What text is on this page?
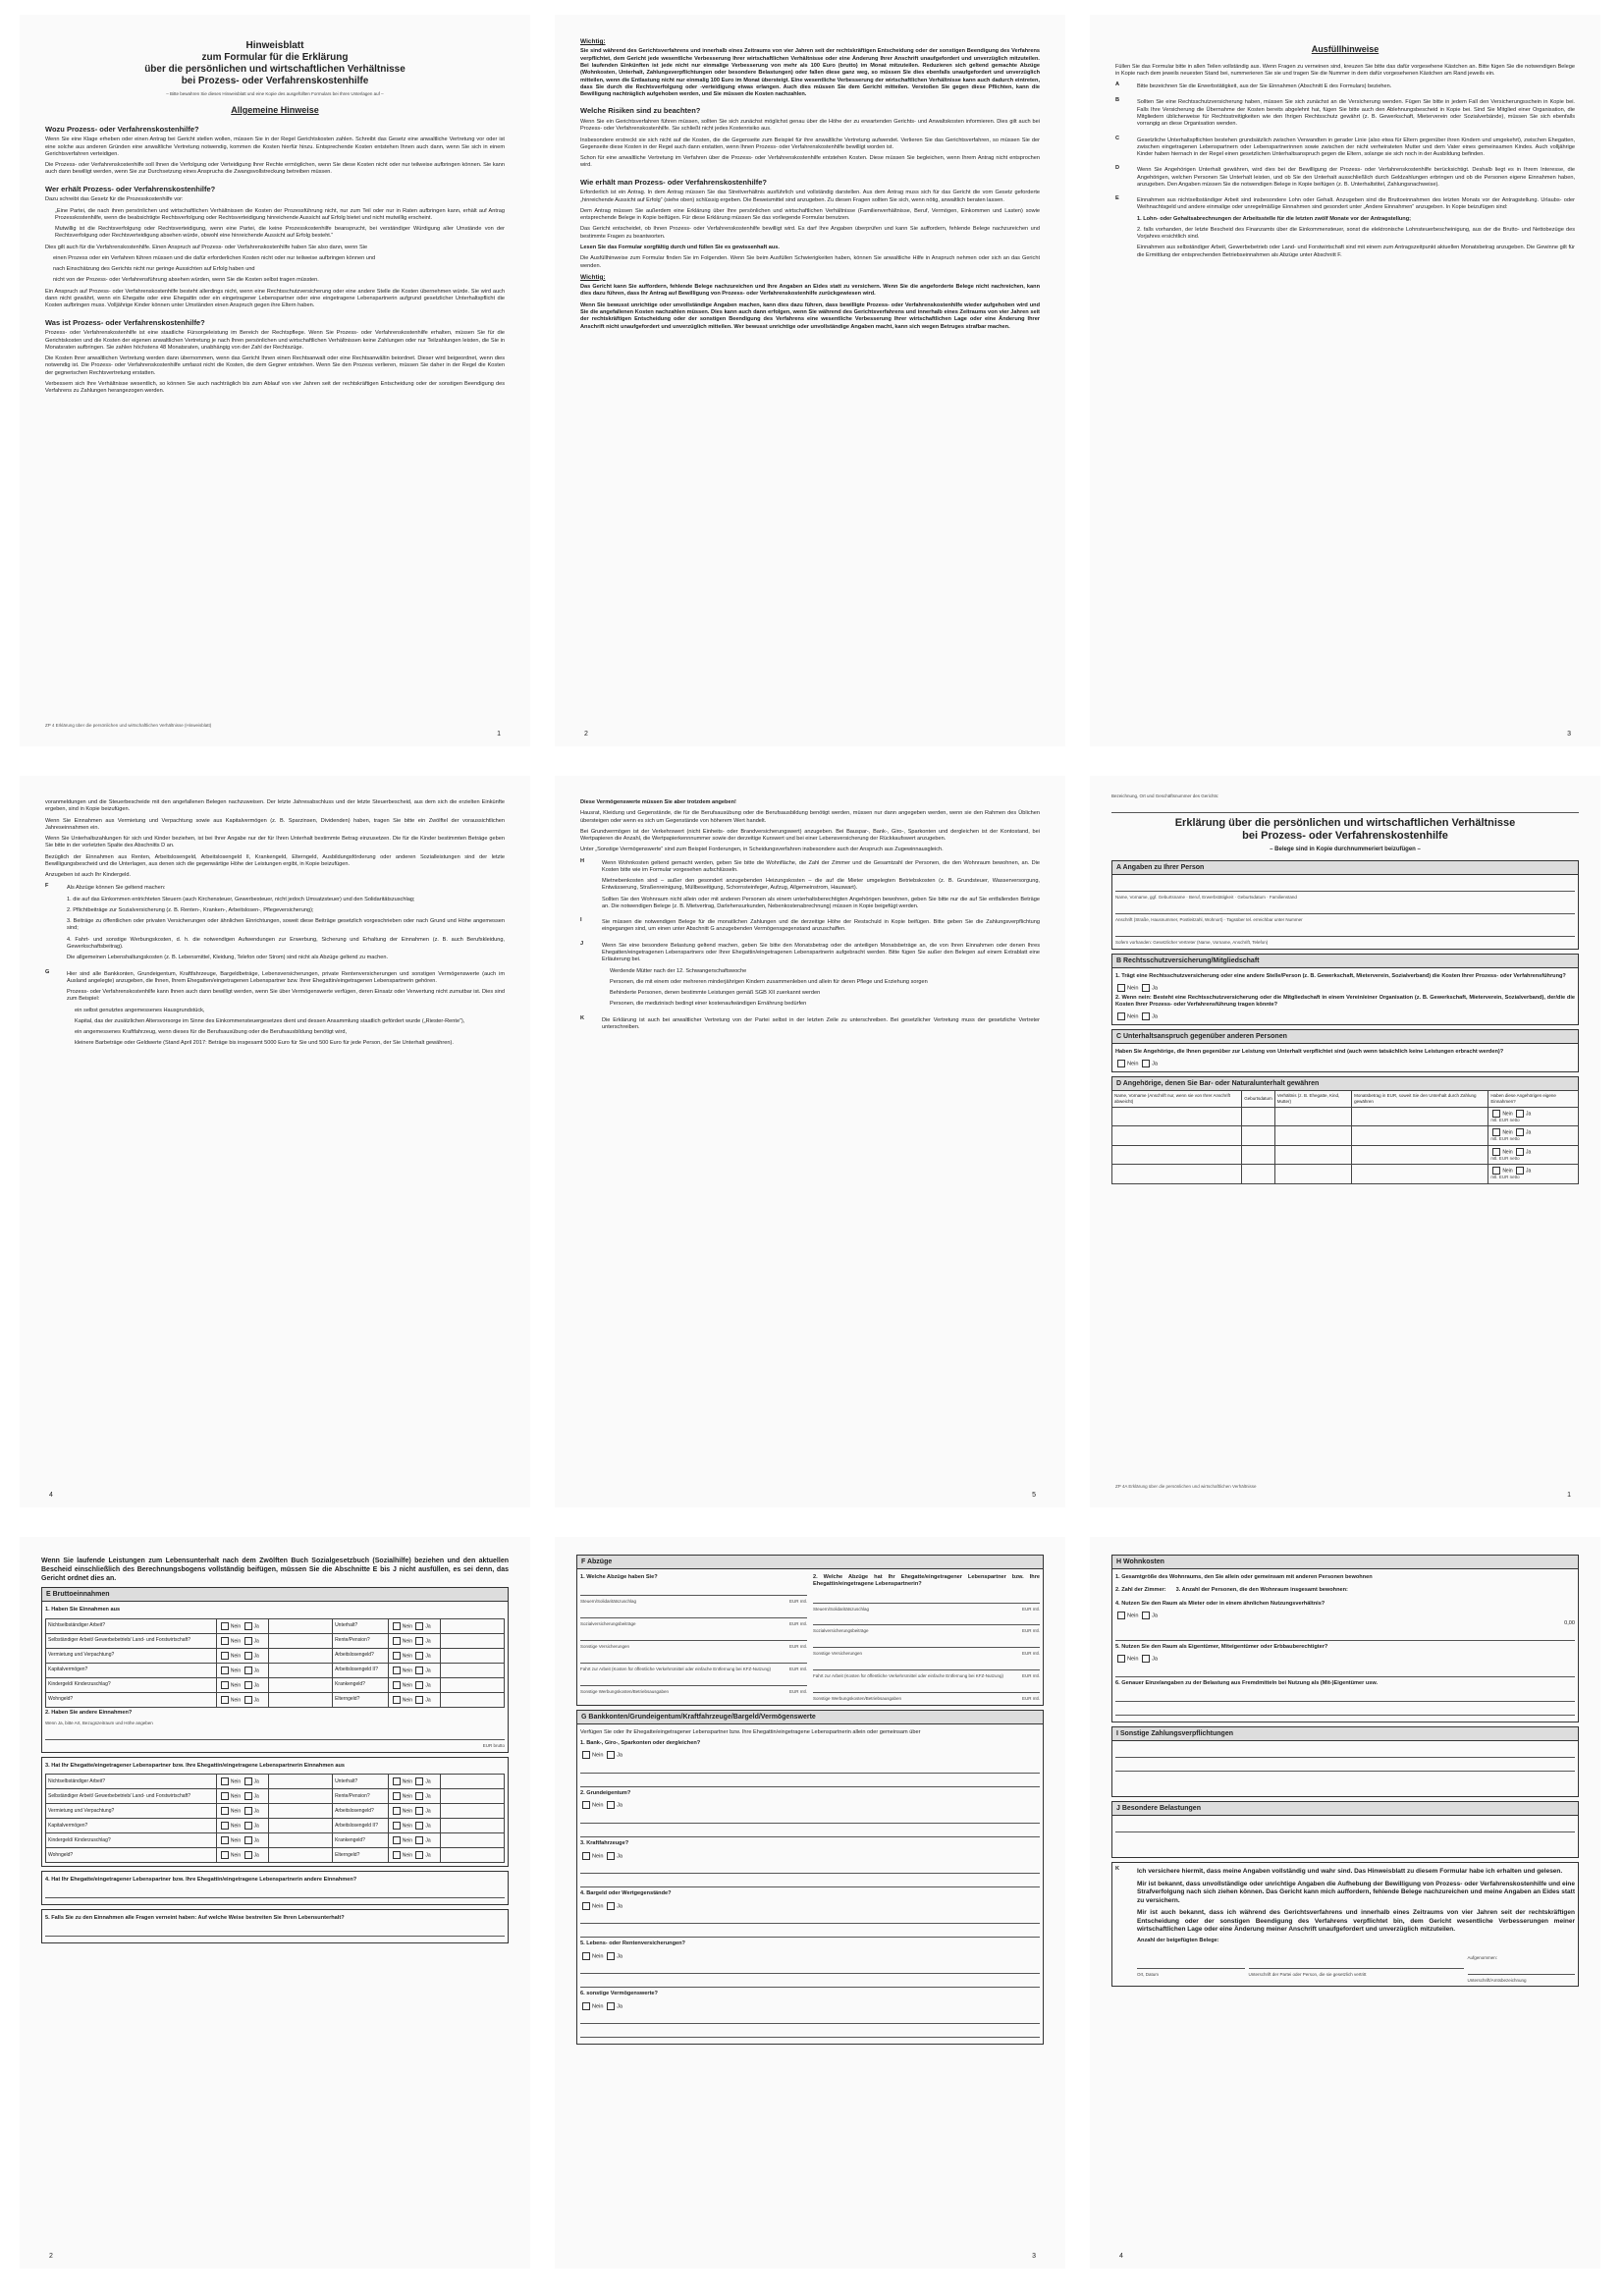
Hinweisblatt
zum Formular für die Erklärung
über die persönlichen und wirtschaftlichen Verhältnisse
bei Prozess- oder Verfahrenskostenhilfe

– Bitte bewahren Sie dieses Hinweisblatt und eine Kopie des ausgefüllten Formulars bei Ihren Unterlagen auf –

Allgemeine Hinweise
Wozu Prozess- oder Verfahrenskostenhilfe?

Wenn Sie eine Klage erheben oder einen Antrag bei Gericht stellen wollen, müssen Sie in der Regel Gerichtskosten zahlen. Schreibt das Gesetz eine anwaltliche Vertretung vor oder ist eine solche aus anderen Gründen eine anwaltliche Vertretung notwendig, kommen die Kosten hierfür hinzu. Entsprechende Kosten entstehen Ihnen auch dann, wenn Sie sich in einem Gerichtsverfahren verteidigen.

Die Prozess- oder Verfahrenskostenhilfe soll Ihnen die Verfolgung oder Verteidigung Ihrer Rechte ermöglichen, wenn Sie diese Kosten nicht oder nur teilweise aufbringen können. Sie kann auch dann bewilligt werden, wenn Sie zur Durchsetzung eines Anspruchs die Zwangsvollstreckung betreiben müssen.

Wer erhält Prozess- oder Verfahrenskostenhilfe?

Dazu schreibt das Gesetz für die Prozesskostenhilfe vor:

„Eine Partei, die nach ihren persönlichen und wirtschaftlichen Verhältnissen die Kosten der Prozessführung nicht, nur zum Teil oder nur in Raten aufbringen kann, erhält auf Antrag Prozesskostenhilfe, wenn die beabsichtigte Rechtsverfolgung oder Rechtsverteidigung hinreichende Aussicht auf Erfolg bietet und nicht mutwillig erscheint.

Mutwillig ist die Rechtsverfolgung oder Rechtsverteidigung, wenn eine Partei, die keine Prozesskostenhilfe beansprucht, bei verständiger Würdigung aller Umstände von der Rechtsverfolgung oder Rechtsverteidigung absehen würde, obwohl eine hinreichende Aussicht auf Erfolg besteht.“

Dies gilt auch für die Verfahrenskostenhilfe. Einen Anspruch auf Prozess- oder Verfahrenskostenhilfe haben Sie also dann, wenn Sie

einen Prozess oder ein Verfahren führen müssen und die dafür erforderlichen Kosten nicht oder nur teilweise aufbringen können und

nach Einschätzung des Gerichts nicht nur geringe Aussichten auf Erfolg haben und

nicht von der Prozess- oder Verfahrensführung absehen würden, wenn Sie die Kosten selbst tragen müssten.

Ein Anspruch auf Prozess- oder Verfahrenskostenhilfe besteht allerdings nicht, wenn eine Rechtsschutzversicherung oder eine andere Stelle die Kosten übernehmen würde. Sie wird auch dann nicht gewährt, wenn ein Ehegatte oder eine Ehegattin oder ein eingetragener Lebenspartner oder eine eingetragene Lebenspartnerin aufgrund gesetzlicher Unterhaltspflicht die Kosten aufbringen muss. Volljährige Kinder können unter Umständen einen Anspruch gegen ihre Eltern haben.

Was ist Prozess- oder Verfahrenskostenhilfe?

Prozess- oder Verfahrenskostenhilfe ist eine staatliche Fürsorgeleistung im Bereich der Rechtspflege. Wenn Sie Prozess- oder Verfahrenskostenhilfe erhalten, müssen Sie für die Gerichtskosten und die Kosten der eigenen anwaltlichen Vertretung je nach Ihren persönlichen und wirtschaftlichen Verhältnissen keine Zahlungen oder nur Teilzahlungen leisten, die Sie in Monatsraten aufbringen. Sie zahlen höchstens 48 Monatsraten, unabhängig von der Zahl der Rechtszüge.

Die Kosten Ihrer anwaltlichen Vertretung werden dann übernommen, wenn das Gericht Ihnen einen Rechtsanwalt oder eine Rechtsanwältin beiordnet. Dieser wird beigeordnet, wenn dies notwendig ist. Die Prozess- oder Verfahrenskostenhilfe umfasst nicht die Kosten, die dem Gegner entstehen. Wenn Sie den Prozess verlieren, müssen Sie daher in der Regel die Kosten der gegnerischen Rechtsvertretung erstatten.

Verbessern sich Ihre Verhältnisse wesentlich, so können Sie auch nachträglich bis zum Ablauf von vier Jahren seit der rechtskräftigen Entscheidung oder der sonstigen Beendigung des Verfahrens zu Zahlungen herangezogen werden.

ZP 4 Erklärung über die persönlichen und wirtschaftlichen Verhältnisse (Hinweisblatt)
1
Wichtig:

Sie sind während des Gerichtsverfahrens und innerhalb eines Zeitraums von vier Jahren seit der rechtskräftigen Entscheidung oder der sonstigen Beendigung des Verfahrens verpflichtet, dem Gericht jede wesentliche Verbesserung Ihrer wirtschaftlichen Verhältnisse oder eine Änderung Ihrer Anschrift unaufgefordert und unverzüglich mitzuteilen. Bei laufenden Einkünften ist jede nicht nur einmalige Verbesserung von mehr als 100 Euro (brutto) im Monat mitzuteilen. Reduzieren sich geltend gemachte Abzüge (Wohnkosten, Unterhalt, Zahlungsverpflichtungen oder besondere Belastungen) oder fallen diese ganz weg, so müssen Sie dies ebenfalls unaufgefordert und unverzüglich mitteilen, wenn die Entlastung nicht nur einmalig 100 Euro im Monat übersteigt. Eine wesentliche Verbesserung der wirtschaftlichen Verhältnisse kann auch dadurch eintreten, dass Sie durch die Rechtsverfolgung oder -verteidigung etwas erlangen. Auch dies müssen Sie dem Gericht mitteilen. Verstoßen Sie gegen diese Pflichten, kann die Bewilligung nachträglich aufgehoben werden, und Sie müssen die Kosten nachzahlen.

Welche Risiken sind zu beachten?

Wenn Sie ein Gerichtsverfahren führen müssen, sollten Sie sich zunächst möglichst genau über die Höhe der zu erwartenden Gerichts- und Anwaltskosten informieren. Dies gilt auch bei Prozess- oder Verfahrenskostenhilfe. Sie schließt nicht jedes Kostenrisiko aus.

Insbesondere erstreckt sie sich nicht auf die Kosten, die die Gegenseite zum Beispiel für ihre anwaltliche Vertretung aufwendet. Verlieren Sie das Gerichtsverfahren, so müssen Sie der Gegenseite diese Kosten in der Regel auch dann erstatten, wenn Ihnen Prozess- oder Verfahrenskostenhilfe bewilligt worden ist.

Schon für eine anwaltliche Vertretung im Verfahren über die Prozess- oder Verfahrenskostenhilfe entstehen Kosten. Diese müssen Sie begleichen, wenn Ihrem Antrag nicht entsprochen wird.

Wie erhält man Prozess- oder Verfahrenskostenhilfe?

Erforderlich ist ein Antrag. In dem Antrag müssen Sie das Streitverhältnis ausführlich und vollständig darstellen. Aus dem Antrag muss sich für das Gericht die vom Gesetz geforderte „hinreichende Aussicht auf Erfolg“ (siehe oben) schlüssig ergeben. Die Beweismittel sind anzugeben. Zu diesen Fragen sollten Sie sich, wenn nötig, anwaltlich beraten lassen.

Dem Antrag müssen Sie außerdem eine Erklärung über Ihre persönlichen und wirtschaftlichen Verhältnisse (Familienverhältnisse, Beruf, Vermögen, Einkommen und Lasten) sowie entsprechende Belege in Kopie beifügen. Für diese Erklärung müssen Sie das vorliegende Formular benutzen.

Das Gericht entscheidet, ob Ihnen Prozess- oder Verfahrenskostenhilfe bewilligt wird. Es darf Ihre Angaben überprüfen und kann Sie auffordern, fehlende Belege nachzureichen und bestimmte Fragen zu beantworten.

Lesen Sie das Formular sorgfältig durch und füllen Sie es gewissenhaft aus.

Die Ausfüllhinweise zum Formular finden Sie im Folgenden. Wenn Sie beim Ausfüllen Schwierigkeiten haben, können Sie anwaltliche Hilfe in Anspruch nehmen oder sich an das Gericht wenden.

Wichtig:

Das Gericht kann Sie auffordern, fehlende Belege nachzureichen und Ihre Angaben an Eides statt zu versichern. Wenn Sie die angeforderte Belege nicht nachreichen, kann dies dazu führen, dass Ihr Antrag auf Bewilligung von Prozess- oder Verfahrenskostenhilfe zurückgewiesen wird.

Wenn Sie bewusst unrichtige oder unvollständige Angaben machen, kann dies dazu führen, dass bewilligte Prozess- oder Verfahrenskostenhilfe wieder aufgehoben wird und Sie die angefallenen Kosten nachzahlen müssen. Dies kann auch dann erfolgen, wenn Sie während des Gerichtsverfahrens und innerhalb eines Zeitraums von vier Jahren seit der rechtskräftigen Entscheidung oder der sonstigen Beendigung des Verfahrens eine wesentliche Verbesserung Ihrer wirtschaftlichen Lage oder eine Änderung Ihrer Anschrift nicht unaufgefordert und unverzüglich mitteilen. Wer bewusst unrichtige oder unvollständige Angaben macht, kann sich wegen Betruges strafbar machen.

2
Ausfüllhinweise

Füllen Sie das Formular bitte in allen Teilen vollständig aus. Wenn Fragen zu verneinen sind, kreuzen Sie bitte das dafür vorgesehene Kästchen an. Bitte fügen Sie die notwendigen Belege in Kopie nach dem jeweils neuesten Stand bei, nummerieren Sie sie und tragen Sie die Nummer in dem dafür vorgesehenen Kästchen am Rand jeweils ein.

A	Bitte bezeichnen Sie die Erwerbstätigkeit, aus der Sie Einnahmen (Abschnitt E des Formulars) beziehen.

B	Sollten Sie eine Rechtsschutzversicherung haben, müssen Sie sich zunächst an die Versicherung wenden. Fügen Sie bitte in jedem Fall den Versicherungsschein in Kopie bei. Falls Ihre Versicherung die Übernahme der Kosten bereits abgelehnt hat, fügen Sie bitte auch den Ablehnungsbescheid in Kopie bei. Sind Sie Mitglied einer Organisation, die Mitgliedern üblicherweise für Rechtsstreitigkeiten wie den Ihrigen Rechtsschutz gewährt (z. B. Gewerkschaft, Mieterverein oder Sozialverbände), müssen Sie sich ebenfalls vorrangig an diese Organisation wenden.

C	Gesetzliche Unterhaltspflichten bestehen grundsätzlich zwischen Verwandten in gerader Linie (also etwa für Eltern gegenüber ihren Kindern und umgekehrt), zwischen Ehegatten, zwischen eingetragenen Lebenspartnern oder Lebenspartnerinnen sowie zwischen der nicht verheirateten Mutter und dem Vater eines gemeinsamen Kindes. Auch volljährige Kinder haben hiernach in der Regel einen gesetzlichen Unterhaltsanspruch gegen die Eltern, solange sie sich noch in der Ausbildung befinden.

D	Wenn Sie Angehörigen Unterhalt gewähren, wird dies bei der Bewilligung der Prozess- oder Verfahrenskostenhilfe berücksichtigt. Deshalb liegt es in Ihrem Interesse, die Angehörigen, welchen Personen Sie Unterhalt leisten, und ob Sie den Unterhalt ausschließlich durch Geldzahlungen erbringen und ob die Personen eigene Einnahmen haben, anzugeben. Den Angaben müssen Sie die notwendigen Belege in Kopie beifügen (z. B. Unterhaltstitel, Zahlungsnachweise).

E	Einnahmen aus nichtselbständiger Arbeit sind insbesondere Lohn oder Gehalt. Anzugeben sind die Bruttoeinnahmen des letzten Monats vor der Antragstellung. Urlaubs- oder Weihnachtsgeld und andere einmalige oder unregelmäßige Einnahmen sind gesondert unter „Andere Einnahmen“ anzugeben. In Kopie beizufügen sind:

1. Lohn- oder Gehaltsabrechnungen der Arbeitsstelle für die letzten zwölf Monate vor der Antragstellung;

2. falls vorhanden, der letzte Bescheid des Finanzamts über die Einkommensteuer, sonst die elektronische Lohnsteuerbescheinigung, aus der die Brutto- und Nettobezüge des Vorjahres ersichtlich sind.

Einnahmen aus selbständiger Arbeit, Gewerbebetrieb oder Land- und Forstwirtschaft sind mit einem zum Antragszeitpunkt aktuellen Monatsbetrag anzugeben. Die Gewinne gilt für die Ermittlung der entsprechenden Betriebseinnahmen als Abzüge unter Abschnitt F.

3

voranmeldungen und die Steuerbescheide mit den angefallenen Belegen nachzuweisen. Der letzte Jahresabschluss und der letzte Steuerbescheid, aus dem sich die erzielten Einkünfte ergeben, sind in Kopie beizufügen.

Wenn Sie Einnahmen aus Vermietung und Verpachtung sowie aus Kapitalvermögen (z. B. Sparzinsen, Dividenden) haben, tragen Sie bitte ein Zwölftel der voraussichtlichen Jahreseinnahmen ein.

Wenn Sie Unterhaltszahlungen für sich und Kinder beziehen, ist bei Ihrer Angabe nur der für Ihren Unterhalt bestimmte Betrag einzusetzen. Die für die Kinder bestimmten Beträge geben Sie bitte in der vorletzten Spalte des Abschnitts D an.

Bezüglich der Einnahmen aus Renten, Arbeitslosengeld, Arbeitslosengeld II, Krankengeld, Elterngeld, Ausbildungsförderung oder anderen Sozialleistungen sind der letzte Bewilligungsbescheid und die Unterlagen, aus denen sich die gegenwärtige Höhe der Leistungen ergibt, in Kopie beizufügen.

Anzugeben ist auch Ihr Kindergeld.

F	Als Abzüge können Sie geltend machen:

1. die auf das Einkommen entrichteten Steuern (auch Kirchensteuer, Gewerbesteuer, nicht jedoch Umsatzsteuer) und den Solidaritätszuschlag;

2. Pflichtbeiträge zur Sozialversicherung (z. B. Renten-, Kranken-, Arbeitslosen-, Pflegeversicherung);

3. Beiträge zu öffentlichen oder privaten Versicherungen oder ähnlichen Einrichtungen, soweit diese Beiträge gesetzlich vorgeschrieben oder nach Grund und Höhe angemessen sind;

4. Fahrt- und sonstige Werbungskosten, d. h. die notwendigen Aufwendungen zur Erwerbung, Sicherung und Erhaltung der Einnahmen (z. B. auch Berufskleidung, Gewerkschaftsbeitrag).

Die allgemeinen Lebenshaltungskosten (z. B. Lebensmittel, Kleidung, Telefon oder Strom) sind nicht als Abzüge geltend zu machen.

G	Hier sind alle Bankkonten, Grundeigentum, Kraftfahrzeuge, Bargeldbeträge, Lebensversicherungen, private Rentenversicherungen und sonstigen Vermögenswerte (auch im Ausland angelegte) anzugeben, die Ihnen, Ihrem Ehegatten/eingetragenen Lebenspartner bzw. Ihrer Ehegattin/eingetragenen Lebenspartnerin gehören.

Prozess- oder Verfahrenskostenhilfe kann Ihnen auch dann bewilligt werden, wenn Sie über Vermögenswerte verfügen, deren Einsatz oder Verwertung nicht zumutbar ist. Dies sind zum Beispiel:

ein selbst genutztes angemessenes Hausgrundstück,

Kapital, das der zusätzlichen Altersvorsorge im Sinne des Einkommensteuergesetzes dient und dessen Ansammlung staatlich gefördert wurde („Riester-Rente“),

ein angemessenes Kraftfahrzeug, wenn dieses für die Berufsausübung oder die Berufsausbildung benötigt wird,

kleinere Barbeträge oder Geldwerte (Stand April 2017: Beträge bis insgesamt 5000 Euro für Sie und 500 Euro für jede Person, der Sie Unterhalt gewähren).

4

Diese Vermögenswerte müssen Sie aber trotzdem angeben!

Hausrat, Kleidung und Gegenstände, die für die Berufsausübung oder die Berufsausbildung benötigt werden, müssen nur dann angegeben werden, wenn sie den Rahmen des Üblichen übersteigen oder wenn es sich um Gegenstände von höherem Wert handelt.

Bei Grundvermögen ist der Verkehrswert (nicht Einheits- oder Brandversicherungswert) anzugeben. Bei Bauspar-, Bank-, Giro-, Sparkonten und dergleichen ist der Kontostand, bei Wertpapieren die Anzahl, die Wertpapierkennnummer sowie der derzeitige Kurswert und bei einer Lebensversicherung der Rückkaufswert anzugeben.

Unter „Sonstige Vermögenswerte“ sind zum Beispiel Forderungen, in Scheidungsverfahren insbesondere auch der Anspruch aus Zugewinnausgleich.

H	Wenn Wohnkosten geltend gemacht werden, geben Sie bitte die Wohnfläche, die Zahl der Zimmer und die Gesamtzahl der Personen, die den Wohnraum bewohnen, an. Die Kosten bitte wie im Formular vorgesehen aufschlüsseln.

Mietnebenkosten sind – außer den gesondert anzugebenden Heizungskosten – die auf die Mieter umgelegten Betriebskosten (z. B. Grundsteuer, Wasserversorgung, Entwässerung, Straßenreinigung, Müllbeseitigung, Schornsteinfeger, Aufzug, Allgemeinstrom, Hauswart).

Sollten Sie den Wohnraum nicht allein oder mit anderen Personen als einem unterhaltsberechtigten Angehörigen bewohnen, geben Sie bitte nur die auf Sie entfallenden Beträge an. Die notwendigen Belege (z. B. Mietvertrag, Darlehensurkunden, Nebenkostenabrechnung) müssen in Kopie beigefügt werden.

I	Sie müssen die notwendigen Belege für die monatlichen Zahlungen und die derzeitige Höhe der Restschuld in Kopie beifügen. Bitte geben Sie die Zahlungsverpflichtung eingegangen sind, um einen unter Abschnitt G anzugebenden Vermögensgegenstand anzuschaffen.

J	Wenn Sie eine besondere Belastung geltend machen, geben Sie bitte den Monatsbetrag oder die anteiligen Monatsbeträge an, die von Ihren Einnahmen oder denen Ihres Ehegatten/eingetragenen Lebenspartners oder Ihrer Ehegattin/eingetragenen Lebenspartnerin aufgebracht werden. Bitte fügen Sie außer den Belegen auf einem Extrablatt eine Erläuterung bei.

Werdende Mütter nach der 12. Schwangerschaftswoche

Personen, die mit einem oder mehreren minderjährigen Kindern zusammenleben und allein für deren Pflege und Erziehung sorgen

Behinderte Personen, denen bestimmte Leistungen gemäß SGB XII zuerkannt werden

Personen, die medizinisch bedingt einer kostenaufwändigen Ernährung bedürfen

K	Die Erklärung ist auch bei anwaltlicher Vertretung von der Partei selbst in der letzten Zeile zu unterschreiben. Bei gesetzlicher Vertretung muss der gesetzliche Vertreter unterschreiben.

5
Bezeichnung, Ort und Geschäftsnummer des Gerichts:
Erklärung über die persönlichen und wirtschaftlichen Verhältnisse
bei Prozess- oder Verfahrenskostenhilfe
– Belege sind in Kopie durchnummeriert beizufügen –
A Angaben zu Ihrer Person
Name, Vorname, ggf. Geburtsname · Beruf, Erwerbstätigkeit · Geburtsdatum · Familienstand
Anschrift (Straße, Hausnummer, Postleitzahl, Wohnort) · Tagsüber tel. erreichbar unter Nummer
Sofern vorhanden: Gesetzlicher Vertreter (Name, Vorname, Anschrift, Telefon)
B Rechtsschutzversicherung/Mitgliedschaft

1. Trägt eine Rechtsschutzversicherung oder eine andere Stelle/Person (z. B. Gewerkschaft, Mieterverein, Sozialverband) die Kosten Ihrer Prozess- oder Verfahrensführung?

Nein Ja

2. Wenn nein: Besteht eine Rechtsschutzversicherung oder die Mitgliedschaft in einem Verein/einer Organisation (z. B. Gewerkschaft, Mieterverein, Sozialverband), der/die die Kosten Ihrer Prozess- oder Verfahrensführung tragen könnte?

Nein Ja
C Unterhaltsanspruch gegenüber anderen Personen

Haben Sie Angehörige, die Ihnen gegenüber zur Leistung von Unterhalt verpflichtet sind (auch wenn tatsächlich keine Leistungen erbracht werden)?

Nein Ja
D Angehörige, denen Sie Bar- oder Naturalunterhalt gewähren
Name, Vorname (Anschrift nur, wenn sie von Ihrer Anschrift abweicht)	Geburtsdatum	Verhältnis (z. B. Ehegatte, Kind, Mutter)	Monatsbetrag in EUR, soweit Sie den Unterhalt durch Zahlung gewähren	Haben diese Angehörigen eigene Einnahmen?
				Nein Ja
mtl. EUR netto
				Nein Ja
mtl. EUR netto
				Nein Ja
mtl. EUR netto
				Nein Ja
mtl. EUR netto
ZP 4A Erklärung über die persönlichen und wirtschaftlichen Verhältnisse
1

Wenn Sie laufende Leistungen zum Lebensunterhalt nach dem Zwölften Buch Sozialgesetzbuch (Sozialhilfe) beziehen und den aktuellen Bescheid einschließlich des Berechnungsbogens vollständig beifügen, müssen Sie die Abschnitte E bis J nicht ausfüllen, es sei denn, das Gericht ordnet dies an.

E Bruttoeinnahmen

1. Haben Sie Einnahmen aus

Nichtselbständiger Arbeit?	Nein Ja		Unterhalt?	Nein Ja	
Selbständiger Arbeit/ Gewerbebetrieb/ Land- und Forstwirtschaft?	Nein Ja		Rente/Pension?	Nein Ja	
Vermietung und Verpachtung?	Nein Ja		Arbeitslosengeld?	Nein Ja	
Kapitalvermögen?	Nein Ja		Arbeitslosengeld II?	Nein Ja	
Kindergeld/ Kinderzuschlag?	Nein Ja		Krankengeld?	Nein Ja	
Wohngeld?	Nein Ja		Elterngeld?	Nein Ja	

2. Haben Sie andere Einnahmen?

Wenn Ja, bitte Art, Bezugszeitraum und Höhe angeben
EUR brutto

3. Hat Ihr Ehegatte/eingetragener Lebenspartner bzw. Ihre Ehegattin/eingetragene Lebenspartnerin Einnahmen aus

Nichtselbständiger Arbeit?	Nein Ja		Unterhalt?	Nein Ja	
Selbständiger Arbeit/ Gewerbebetrieb/ Land- und Forstwirtschaft?	Nein Ja		Rente/Pension?	Nein Ja	
Vermietung und Verpachtung?	Nein Ja		Arbeitslosengeld?	Nein Ja	
Kapitalvermögen?	Nein Ja		Arbeitslosengeld II?	Nein Ja	
Kindergeld/ Kinderzuschlag?	Nein Ja		Krankengeld?	Nein Ja	
Wohngeld?	Nein Ja		Elterngeld?	Nein Ja	

4. Hat Ihr Ehegatte/eingetragener Lebenspartner bzw. Ihre Ehegattin/eingetragene Lebenspartnerin andere Einnahmen?

5. Falls Sie zu den Einnahmen alle Fragen verneint haben: Auf welche Weise bestreiten Sie Ihren Lebensunterhalt?

2
F Abzüge

1. Welche Abzüge haben Sie?

Steuern/Solidaritätszuschlag	EUR mtl.
Sozialversicherungsbeiträge	EUR mtl.
Sonstige Versicherungen	EUR mtl.
Fahrt zur Arbeit (Kosten für öffentliche Verkehrsmittel oder einfache Entfernung bei KFZ-Nutzung)	EUR mtl.
Sonstige Werbungskosten/Betriebsausgaben	EUR mtl.

2. Welche Abzüge hat Ihr Ehegatte/eingetragener Lebenspartner bzw. Ihre Ehegattin/eingetragene Lebenspartnerin?

Steuern/Solidaritätszuschlag	EUR mtl.
Sozialversicherungsbeiträge	EUR mtl.
Sonstige Versicherungen	EUR mtl.
Fahrt zur Arbeit (Kosten für öffentliche Verkehrsmittel oder einfache Entfernung bei KFZ-Nutzung)	EUR mtl.
Sonstige Werbungskosten/Betriebsausgaben	EUR mtl.
G Bankkonten/Grundeigentum/Kraftfahrzeuge/Bargeld/Vermögenswerte

Verfügen Sie oder Ihr Ehegatte/eingetragener Lebenspartner bzw. Ihre Ehegattin/eingetragene Lebenspartnerin allein oder gemeinsam über

1. Bank-, Giro-, Sparkonten oder dergleichen?

Nein Ja

2. Grundeigentum?

Nein Ja

3. Kraftfahrzeuge?

Nein Ja

4. Bargeld oder Wertgegenstände?

Nein Ja

5. Lebens- oder Rentenversicherungen?

Nein Ja

6. sonstige Vermögenswerte?

Nein Ja
3
H Wohnkosten

1. Gesamtgröße des Wohnraums, den Sie allein oder gemeinsam mit anderen Personen bewohnen

2. Zahl der Zimmer: 3. Anzahl der Personen, die den Wohnraum insgesamt bewohnen:

4. Nutzen Sie den Raum als Mieter oder in einem ähnlichen Nutzungsverhältnis?

Nein Ja
0,00

5. Nutzen Sie den Raum als Eigentümer, Miteigentümer oder Erbbauberechtigter?

Nein Ja

6. Genauer Einzelangaben zu der Belastung aus Fremdmitteln bei Nutzung als (Mit-)Eigentümer usw.

I Sonstige Zahlungsverpflichtungen
J Besondere Belastungen
K	Ich versichere hiermit, dass meine Angaben vollständig und wahr sind. Das Hinweisblatt zu diesem Formular habe ich erhalten und gelesen.

Mir ist bekannt, dass unvollständige oder unrichtige Angaben die Aufhebung der Bewilligung von Prozess- oder Verfahrenskostenhilfe und eine Strafverfolgung nach sich ziehen können. Das Gericht kann mich auffordern, fehlende Belege nachzureichen und meine Angaben an Eides statt zu versichern.

Mir ist auch bekannt, dass ich während des Gerichtsverfahrens und innerhalb eines Zeitraums von vier Jahren seit der rechtskräftigen Entscheidung oder der sonstigen Beendigung des Verfahrens verpflichtet bin, dem Gericht wesentliche Verbesserungen meiner wirtschaftlichen Lage oder eine Änderung meiner Anschrift unaufgefordert und unverzüglich mitzuteilen.

Anzahl der beigefügten Belege:

Ort, Datum	Unterschrift der Partei oder Person, die sie gesetzlich vertritt
Aufgenommen:
Unterschrift/Amtsbezeichnung
4
